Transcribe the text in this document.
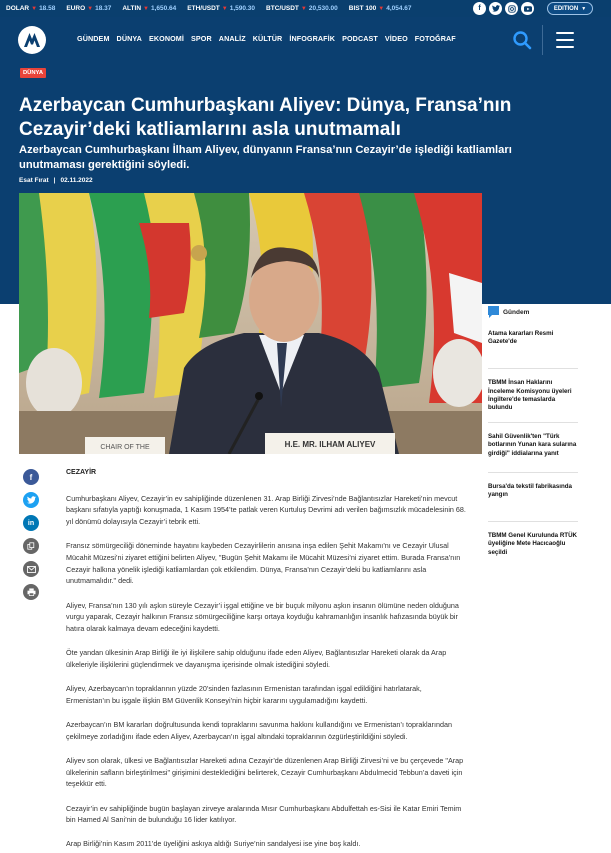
DOLAR ▼ 18.58 EURO ▼ 18.37 ALTIN ▼ 1,650.64 ETH/USDT ▼ 1,590.30 BTC/USDT ▼ 20,530.00 BIST 100 ▼ 4,054.67	f	EDITION ▼
GÜNDEM DÜNYA EKONOMİ SPOR ANALİZ KÜLTÜR İNFOGRAFİK PODCAST VİDEO FOTOĞRAF
DÜNYA
Azerbaycan Cumhurbaşkanı Aliyev: Dünya, Fransa’nın Cezayir’deki katliamlarını asla unutmamalı
Azerbaycan Cumhurbaşkanı İlham Aliyev, dünyanın Fransa’nın Cezayir’de işlediği katliamları unutmaması gerektiğini söyledi.
Esat Fırat | 02.11.2022
CHAIR OF THE	H.E. MR. ILHAM ALIYEV
f
in
CEZAYİR

Cumhurbaşkanı Aliyev, Cezayir’in ev sahipliğinde düzenlenen 31. Arap Birliği Zirvesi’nde Bağlantısızlar Hareketi’nin mevcut başkanı sıfatıyla yaptığı konuşmada, 1 Kasım 1954’te patlak veren Kurtuluş Devrimi adı verilen bağımsızlık mücadelesinin 68. yıl dönümü dolayısıyla Cezayir’i tebrik etti.

Fransız sömürgeciliği döneminde hayatını kaybeden Cezayirlilerin anısına inşa edilen Şehit Makamı’nı ve Cezayir Ulusal Mücahit Müzesi’ni ziyaret ettiğini belirten Aliyev, "Bugün Şehit Makamı ile Mücahit Müzesi’ni ziyaret ettim. Burada Fransa’nın Cezayir halkına yönelik işlediği katliamlardan çok etkilendim. Dünya, Fransa’nın Cezayir’deki bu katliamlarını asla unutmamalıdır." dedi.

Aliyev, Fransa’nın 130 yılı aşkın süreyle Cezayir’i işgal ettiğine ve bir buçuk milyonu aşkın insanın ölümüne neden olduğuna vurgu yaparak, Cezayir halkının Fransız sömürgeciliğine karşı ortaya koyduğu kahramanlığın insanlık hafızasında büyük bir hatıra olarak kalmaya devam edeceğini kaydetti.

Öte yandan ülkesinin Arap Birliği ile iyi ilişkilere sahip olduğunu ifade eden Aliyev, Bağlantısızlar Hareketi olarak da Arap ülkeleriyle ilişkilerini güçlendirmek ve dayanışma içerisinde olmak istediğini söyledi.

Aliyev, Azerbaycan’ın topraklarının yüzde 20’sinden fazlasının Ermenistan tarafından işgal edildiğini hatırlatarak, Ermenistan’ın bu işgale ilişkin BM Güvenlik Konseyi’nin hiçbir kararını uygulamadığını kaydetti.

Azerbaycan’ın BM kararları doğrultusunda kendi topraklarını savunma hakkını kullandığını ve Ermenistan’ı topraklarından çekilmeye zorladığını ifade eden Aliyev, Azerbaycan’ın işgal altındaki topraklarının özgürleştirildiğini söyledi.

Aliyev son olarak, ülkesi ve Bağlantısızlar Hareketi adına Cezayir’de düzenlenen Arap Birliği Zirvesi’ni ve bu çerçevede "Arap ülkelerinin safların birleştirilmesi" girişimini desteklediğini belirterek, Cezayir Cumhurbaşkanı Abdulmecid Tebbun’a daveti için teşekkür etti.

Cezayir’in ev sahipliğinde bugün başlayan zirveye aralarında Mısır Cumhurbaşkanı Abdulfettah es-Sisi ile Katar Emiri Temim bin Hamed Al Sani’nin de bulunduğu 16 lider katılıyor.

Arap Birliği’nin Kasım 2011’de üyeliğini askıya aldığı Suriye’nin sandalyesi ise yine boş kaldı.

Gündem
Atama kararları Resmi Gazete'de
TBMM İnsan Haklarını İnceleme Komisyonu üyeleri İngiltere'de temaslarda bulundu
Sahil Güvenlik'ten "Türk botlarının Yunan kara sularına girdiği" iddialarına yanıt
Bursa'da tekstil fabrikasında yangın
TBMM Genel Kurulunda RTÜK üyeliğine Mete Hacıcaoğlu seçildi
